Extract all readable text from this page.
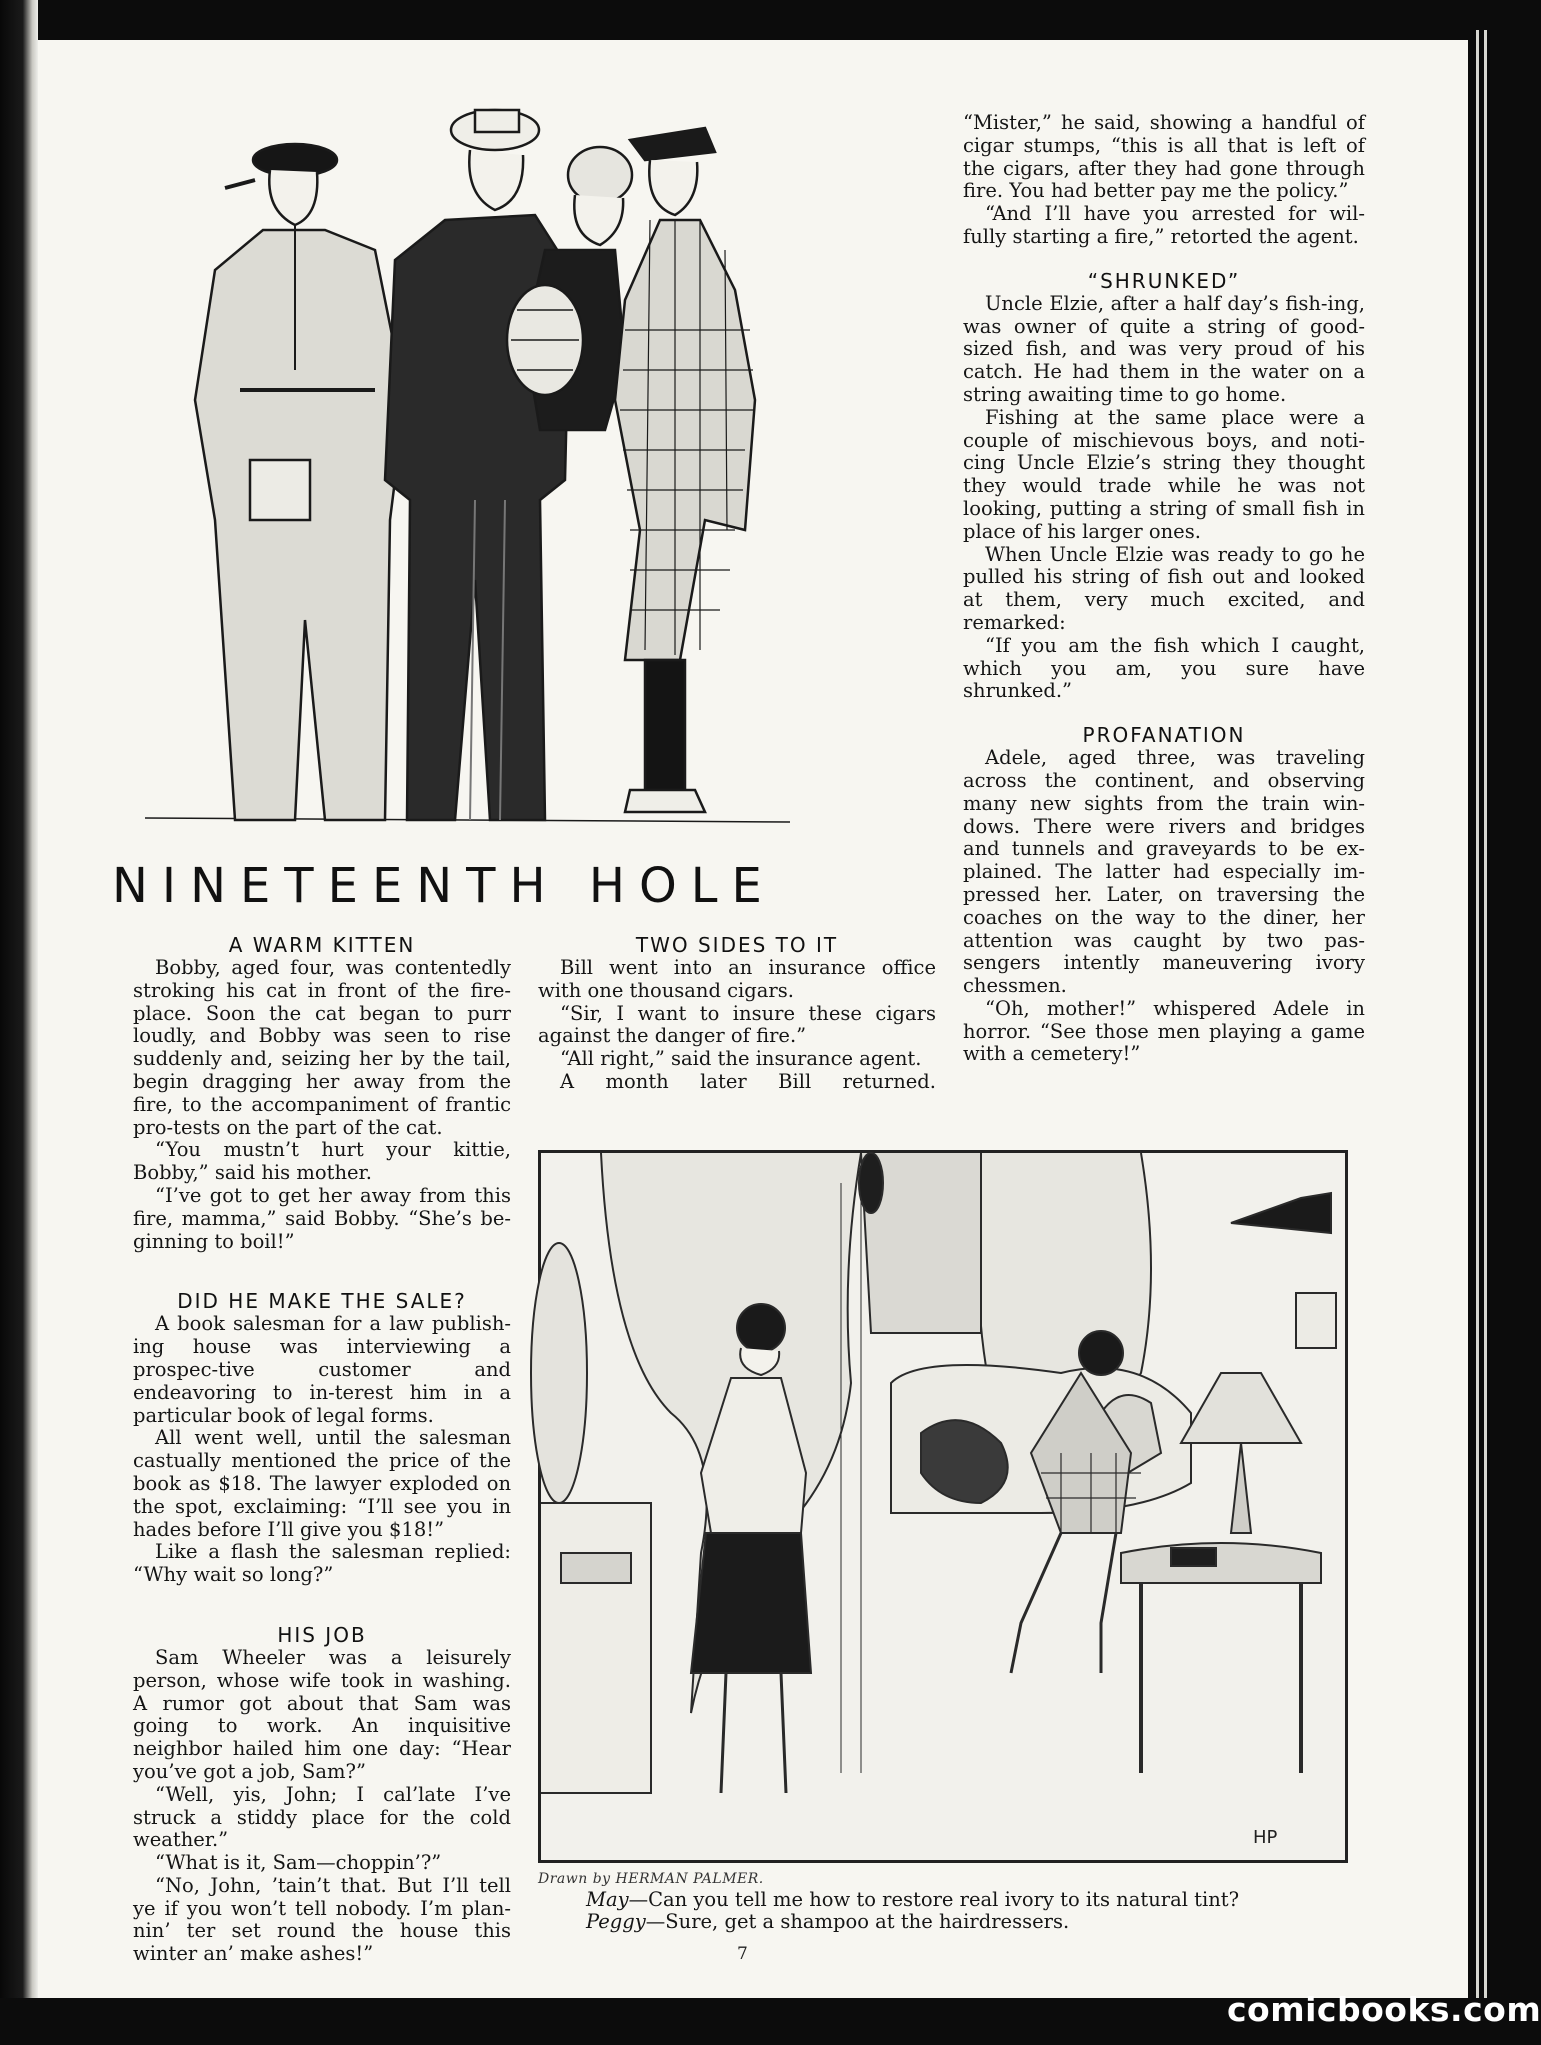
NINETEENTH HOLE
A WARM KITTEN

Bobby, aged four, was contentedly stroking his cat in front of the fire-place. Soon the cat began to purr loudly, and Bobby was seen to rise suddenly and, seizing her by the tail, begin dragging her away from the fire, to the accompaniment of frantic pro-tests on the part of the cat.

“You mustn’t hurt your kittie, Bobby,” said his mother.

“I’ve got to get her away from this fire, mamma,” said Bobby. “She’s be-ginning to boil!”

DID HE MAKE THE SALE?

A book salesman for a law publish-ing house was interviewing a prospec-tive customer and endeavoring to in-terest him in a particular book of legal forms.

All went well, until the salesman castually mentioned the price of the book as $18. The lawyer exploded on the spot, exclaiming: “I’ll see you in hades before I’ll give you $18!”

Like a flash the salesman replied: “Why wait so long?”

HIS JOB

Sam Wheeler was a leisurely person, whose wife took in washing. A rumor got about that Sam was going to work. An inquisitive neighbor hailed him one day: “Hear you’ve got a job, Sam?”

“Well, yis, John; I cal’late I’ve struck a stiddy place for the cold weather.”

“What is it, Sam—choppin’?”

“No, John, ’tain’t that. But I’ll tell ye if you won’t tell nobody. I’m plan-nin’ ter set round the house this winter an’ make ashes!”

TWO SIDES TO IT

Bill went into an insurance office with one thousand cigars.

“Sir, I want to insure these cigars against the danger of fire.”

“All right,” said the insurance agent.

A month later Bill returned.

“Mister,” he said, showing a handful of cigar stumps, “this is all that is left of the cigars, after they had gone through fire. You had better pay me the policy.”

“And I’ll have you arrested for wil-fully starting a fire,” retorted the agent.

“SHRUNKED”

Uncle Elzie, after a half day’s fish-ing, was owner of quite a string of good-sized fish, and was very proud of his catch. He had them in the water on a string awaiting time to go home.

Fishing at the same place were a couple of mischievous boys, and noti-cing Uncle Elzie’s string they thought they would trade while he was not looking, putting a string of small fish in place of his larger ones.

When Uncle Elzie was ready to go he pulled his string of fish out and looked at them, very much excited, and remarked:

“If you am the fish which I caught, which you am, you sure have shrunked.”

PROFANATION

Adele, aged three, was traveling across the continent, and observing many new sights from the train win-dows. There were rivers and bridges and tunnels and graveyards to be ex-plained. The latter had especially im-pressed her. Later, on traversing the coaches on the way to the diner, her attention was caught by two pas-sengers intently maneuvering ivory chessmen.

“Oh, mother!” whispered Adele in horror. “See those men playing a game with a cemetery!”

HP
Drawn by HERMAN PALMER.
May—Can you tell me how to restore real ivory to its natural tint?
Peggy—Sure, get a shampoo at the hairdressers.
7
comicbooks.com
